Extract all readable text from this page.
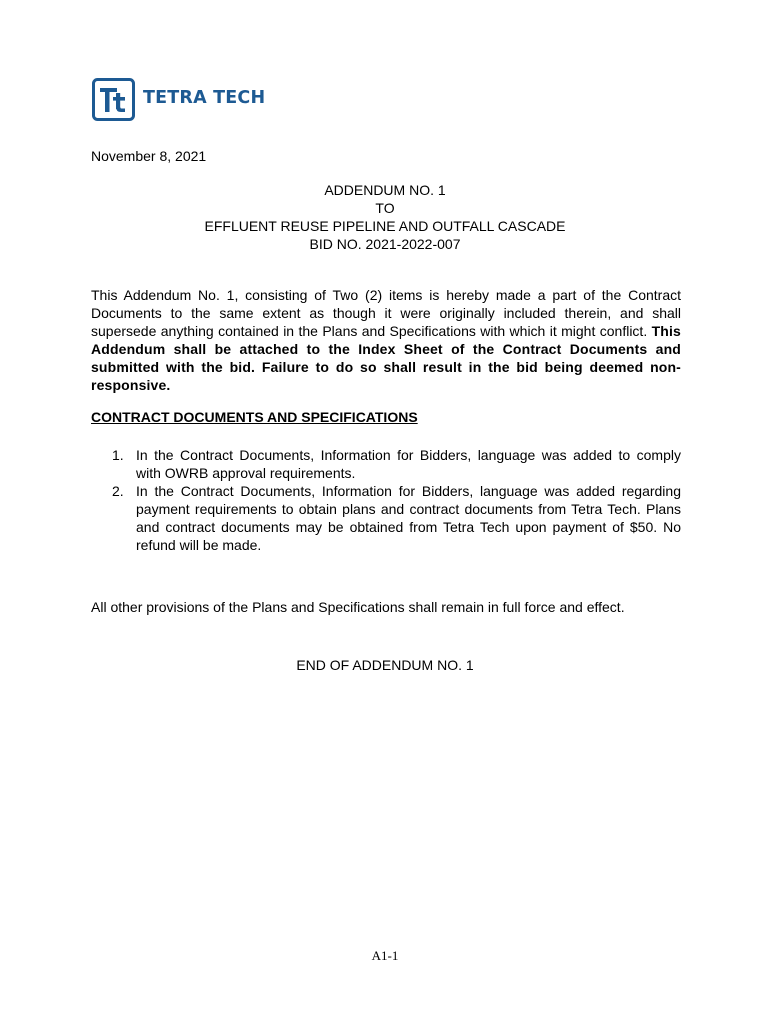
TETRA TECH
November 8, 2021
ADDENDUM NO. 1
TO
EFFLUENT REUSE PIPELINE AND OUTFALL CASCADE
BID NO. 2021-2022-007
This Addendum No. 1, consisting of Two (2) items is hereby made a part of the Contract Documents to the same extent as though it were originally included therein, and shall supersede anything contained in the Plans and Specifications with which it might conflict. This Addendum shall be attached to the Index Sheet of the Contract Documents and submitted with the bid. Failure to do so shall result in the bid being deemed non-responsive.
CONTRACT DOCUMENTS AND SPECIFICATIONS
1. In the Contract Documents, Information for Bidders, language was added to comply with OWRB approval requirements.
2. In the Contract Documents, Information for Bidders, language was added regarding payment requirements to obtain plans and contract documents from Tetra Tech. Plans and contract documents may be obtained from Tetra Tech upon payment of $50. No refund will be made.
All other provisions of the Plans and Specifications shall remain in full force and effect.
END OF ADDENDUM NO. 1
A1-1
